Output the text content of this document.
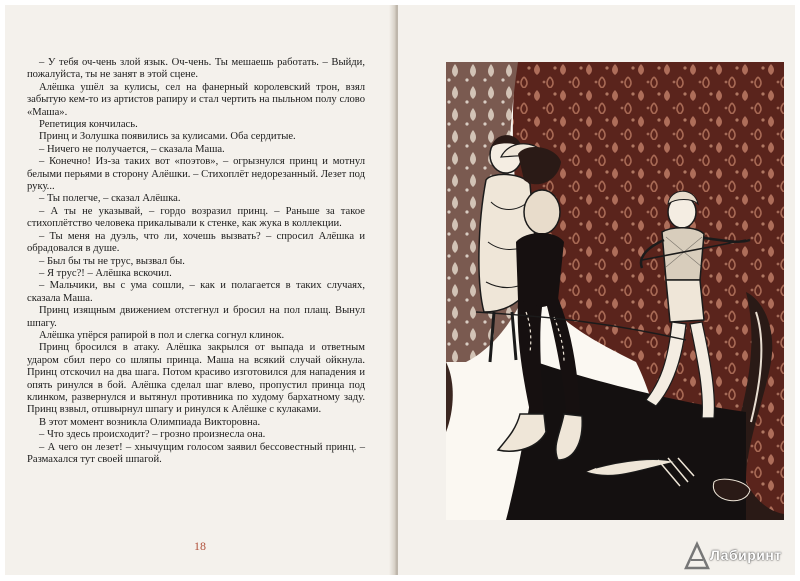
– У тебя оч-чень злой язык. Оч-чень. Ты мешаешь работать. – Выйди, пожалуйста, ты не занят в этой сцене.

Алёшка ушёл за кулисы, сел на фанерный королевский трон, взял забытую кем-то из артистов рапиру и стал чертить на пыльном полу слово «Маша».

Репетиция кончилась.

Принц и Золушка появились за кулисами. Оба сердитые.

– Ничего не получается, – сказала Маша.

– Конечно! Из-за таких вот «поэтов», – огрызнулся принц и мотнул белыми перьями в сторону Алёшки. – Стихоплёт недорезанный. Лезет под руку...

– Ты полегче, – сказал Алёшка.

– А ты не указывай, – гордо возразил принц. – Раньше за такое стихоплётство человека прикалывали к стенке, как жука в коллекции.

– Ты меня на дуэль, что ли, хочешь вызвать? – спросил Алёшка и обрадовался в душе.

– Был бы ты не трус, вызвал бы.

– Я трус?! – Алёшка вскочил.

– Мальчики, вы с ума сошли, – как и полагается в таких случаях, сказала Маша.

Принц изящным движением отстегнул и бросил на пол плащ. Вынул шпагу.

Алёшка упёрся рапирой в пол и слегка согнул клинок.

Принц бросился в атаку. Алёшка закрылся от выпада и ответным ударом сбил перо со шляпы принца. Маша на всякий случай ойкнула. Принц отскочил на два шага. Потом красиво изготовился для нападения и опять ринулся в бой. Алёшка сделал шаг влево, пропустил принца под клинком, развернулся и вытянул противника по худому бархатному заду. Принц взвыл, отшвырнул шпагу и ринулся к Алёшке с кулаками.

В этот момент возникла Олимпиада Викторовна.

– Что здесь происходит? – грозно произнесла она.

– А чего он лезет! – хнычущим голосом заявил бессовестный принц. – Размахался тут своей шпагой.

18
Лабиринт
